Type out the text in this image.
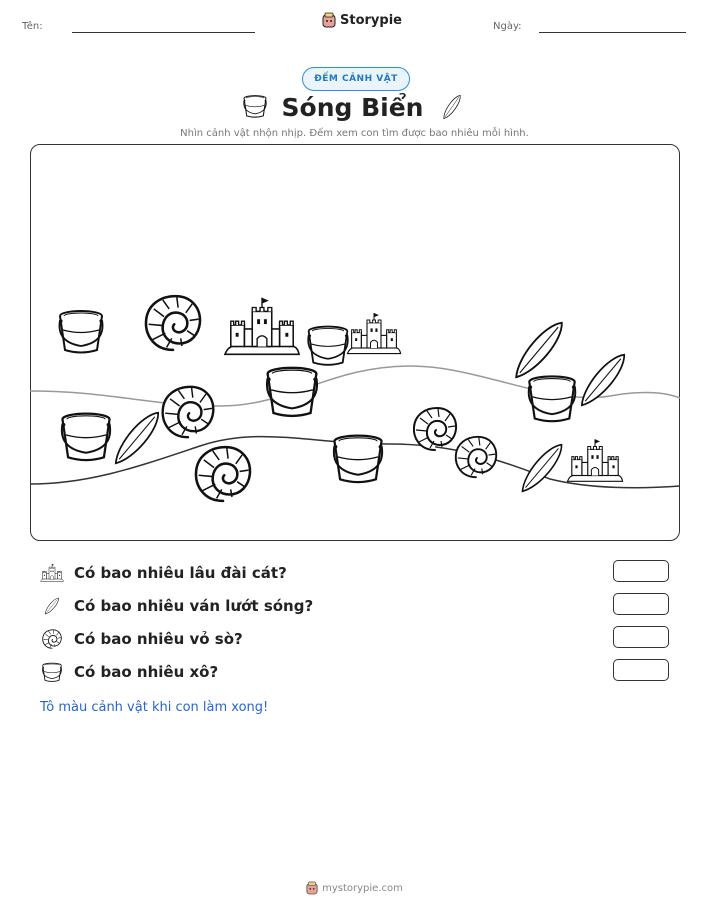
Tên:	Storypie	Ngày:
ĐẾM CẢNH VẬT
Sóng Biển
Nhìn cảnh vật nhộn nhịp. Đếm xem con tìm được bao nhiêu mỗi hình.
Có bao nhiêu lâu đài cát?
Có bao nhiêu ván lướt sóng?
Có bao nhiêu vỏ sò?
Có bao nhiêu xô?
Tô màu cảnh vật khi con làm xong!
mystorypie.com
